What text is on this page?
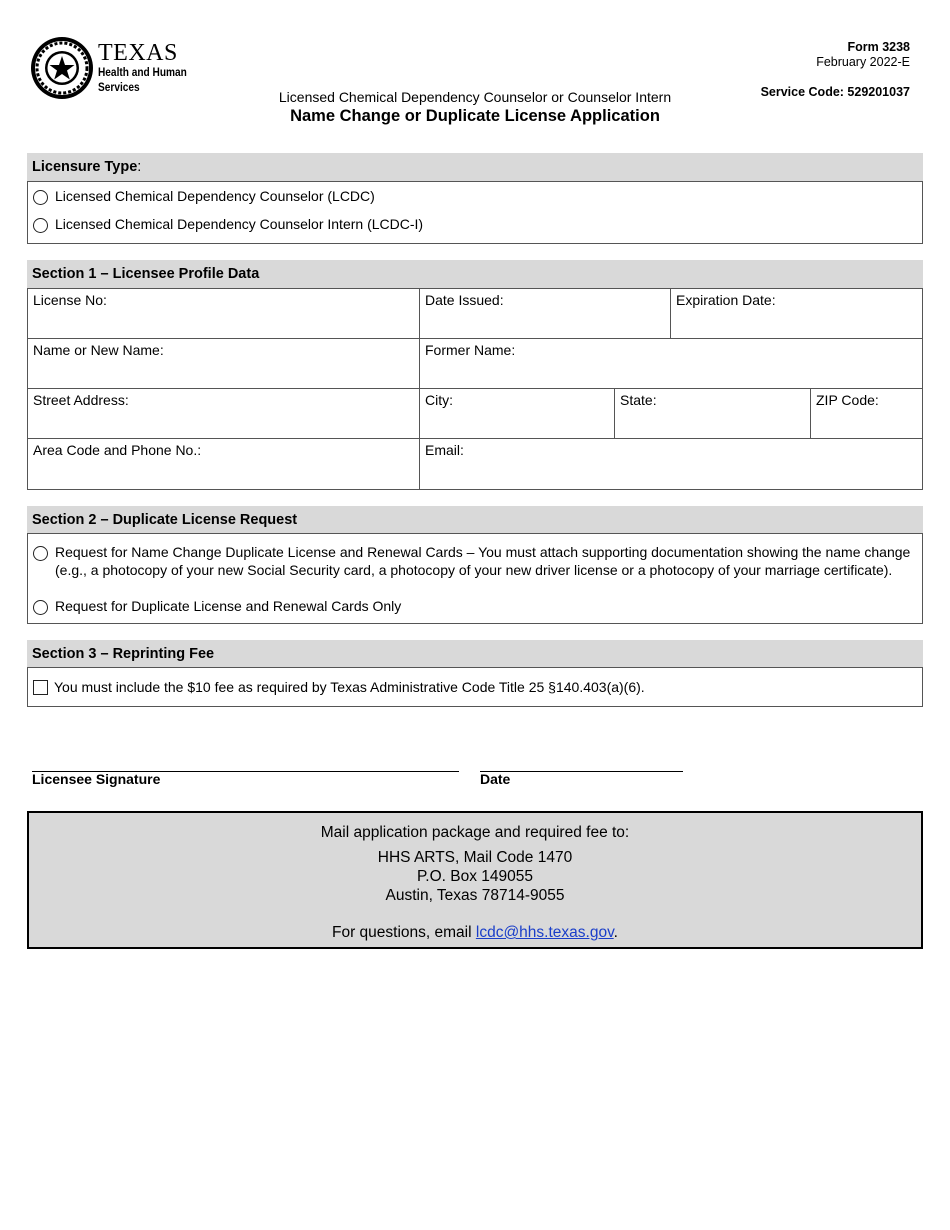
TEXAS
Health and Human
Services
Form 3238
February 2022-E
Service Code: 529201037
Licensed Chemical Dependency Counselor or Counselor Intern
Name Change or Duplicate License Application
Licensure Type :
Licensed Chemical Dependency Counselor (LCDC)
Licensed Chemical Dependency Counselor Intern (LCDC-I)
Section 1 – Licensee Profile Data
License No:	Date Issued:	Expiration Date:
Name or New Name:	Former Name:
Street Address:	City:	State:	ZIP Code:
Area Code and Phone No.:	Email:
Section 2 – Duplicate License Request
Request for Name Change Duplicate License and Renewal Cards – You must attach supporting documentation showing the name change (e.g., a photocopy of your new Social Security card, a photocopy of your new driver license or a photocopy of your marriage certificate).
Request for Duplicate License and Renewal Cards Only
Section 3 – Reprinting Fee
You must include the $10 fee as required by Texas Administrative Code Title 25 §140.403(a)(6).
Licensee Signature	Date
Mail application package and required fee to:
HHS ARTS, Mail Code 1470
P.O. Box 149055
Austin, Texas 78714-9055
For questions, email lcdc@hhs.texas.gov.
